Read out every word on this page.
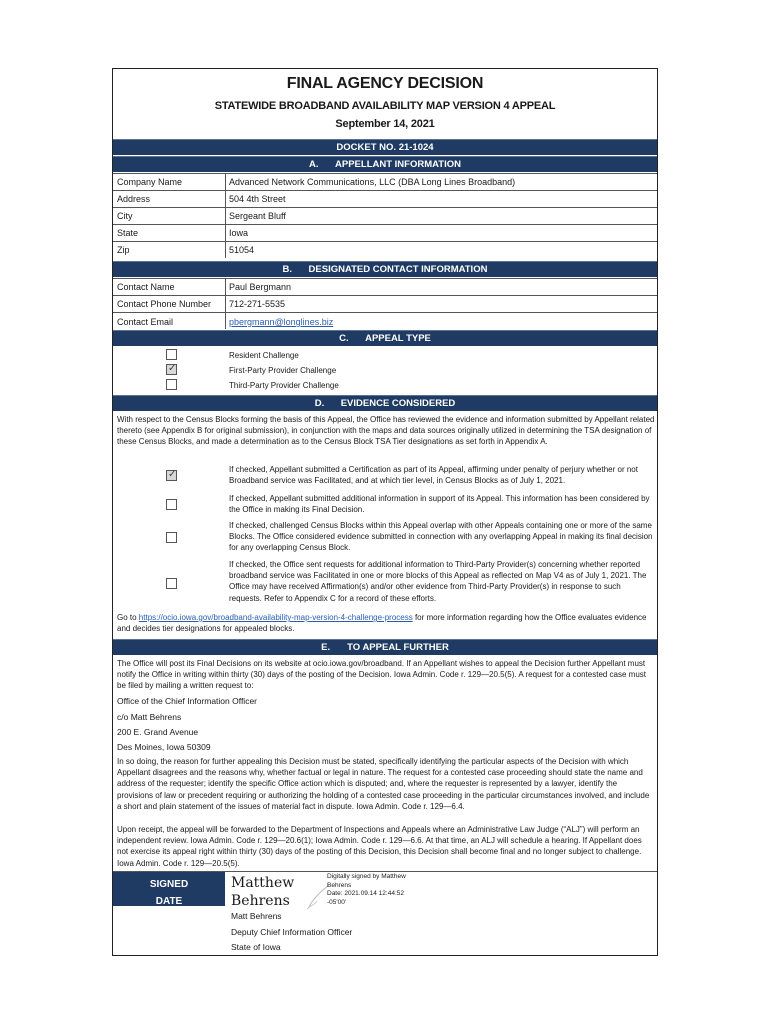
FINAL AGENCY DECISION
STATEWIDE BROADBAND AVAILABILITY MAP VERSION 4 APPEAL
September 14, 2021
DOCKET NO. 21-1024
A. APPELLANT INFORMATION
Company Name	Advanced Network Communications, LLC (DBA Long Lines Broadband)
Address	504 4th Street
City	Sergeant Bluff
State	Iowa
Zip	51054
B. DESIGNATED CONTACT INFORMATION
Contact Name	Paul Bergmann
Contact Phone Number 712-271-5535
Contact Email	pbergmann@longlines.biz
C. APPEAL TYPE
Resident Challenge
✓
First-Party Provider Challenge
Third-Party Provider Challenge
D. EVIDENCE CONSIDERED
With respect to the Census Blocks forming the basis of this Appeal, the Office has reviewed the evidence and information submitted by Appellant related thereto (see Appendix B for original submission), in conjunction with the maps and data sources originally utilized in determining the TSA designation of these Census Blocks, and made a determination as to the Census Block TSA Tier designations as set forth in Appendix A.
✓
If checked, Appellant submitted a Certification as part of its Appeal, affirming under penalty of perjury whether or not Broadband service was Facilitated, and at which tier level, in Census Blocks as of July 1, 2021.
If checked, Appellant submitted additional information in support of its Appeal. This information has been considered by the Office in making its Final Decision.
If checked, challenged Census Blocks within this Appeal overlap with other Appeals containing one or more of the same Blocks. The Office considered evidence submitted in connection with any overlapping Appeal in making its final decision for any overlapping Census Block.
If checked, the Office sent requests for additional information to Third-Party Provider(s) concerning whether reported broadband service was Facilitated in one or more blocks of this Appeal as reflected on Map V4 as of July 1, 2021. The Office may have received Affirmation(s) and/or other evidence from Third-Party Provider(s) in response to such requests. Refer to Appendix C for a record of these efforts.
Go to https://ocio.iowa.gov/broadband-availability-map-version-4-challenge-process for more information regarding how the Office evaluates evidence and decides tier designations for appealed blocks.
E. TO APPEAL FURTHER
The Office will post its Final Decisions on its website at ocio.iowa.gov/broadband. If an Appellant wishes to appeal the Decision further Appellant must notify the Office in writing within thirty (30) days of the posting of the Decision. Iowa Admin. Code r. 129—20.5(5). A request for a contested case must be filed by mailing a written request to:
Office of the Chief Information Officer
c/o Matt Behrens
200 E. Grand Avenue
Des Moines, Iowa 50309
In so doing, the reason for further appealing this Decision must be stated, specifically identifying the particular aspects of the Decision with which Appellant disagrees and the reasons why, whether factual or legal in nature. The request for a contested case proceeding should state the name and address of the requester; identify the specific Office action which is disputed; and, where the requester is represented by a lawyer, identify the provisions of law or precedent requiring or authorizing the holding of a contested case proceeding in the particular circumstances involved, and include a short and plain statement of the issues of material fact in dispute. Iowa Admin. Code r. 129—6.4.
Upon receipt, the appeal will be forwarded to the Department of Inspections and Appeals where an Administrative Law Judge (“ALJ”) will perform an independent review. Iowa Admin. Code r. 129—20.6(1); Iowa Admin. Code r. 129—6.6. At that time, an ALJ will schedule a hearing. If Appellant does not exercise its appeal right within thirty (30) days of the posting of this Decision, this Decision shall become final and no longer subject to challenge. Iowa Admin. Code r. 129—20.5(5).
SIGNED
DATE
Matthew
Behrens
Digitally signed by Matthew
Behrens
Date: 2021.09.14 12:44:52
-05'00'
Matt Behrens
Deputy Chief Information Officer
State of Iowa
